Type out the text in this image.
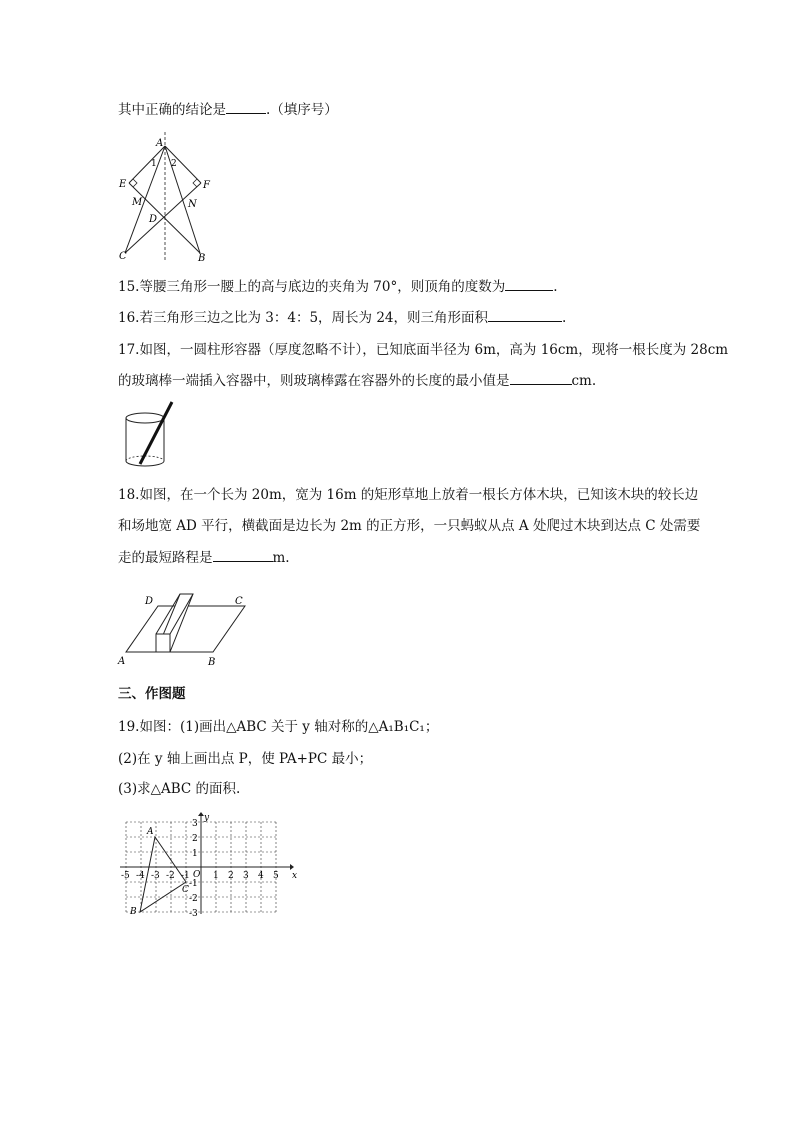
其中正确的结论是	.（填序号）
A
1 2
E	F
M	N
D
C	B
15.等腰三角形一腰上的高与底边的夹角为 70°，则顶角的度数为	.
16.若三角形三边之比为 3：4：5，周长为 24，则三角形面积	.
17.如图，一圆柱形容器（厚度忽略不计），已知底面半径为 6m，高为 16cm，现将一根长度为 28cm
的玻璃棒一端插入容器中，则玻璃棒露在容器外的长度的最小值是	cm.
18.如图，在一个长为 20m，宽为 16m 的矩形草地上放着一根长方体木块，已知该木块的较长边
和场地宽 AD 平行，横截面是边长为 2m 的正方形，一只蚂蚁从点 A 处爬过木块到达点 C 处需要
走的最短路程是	m.
D	C
A	B
三、作图题
19.如图：(1)画出△ABC 关于 y 轴对称的△A₁B₁C₁；
(2)在 y 轴上画出点 P，使 PA+PC 最小；
(3)求△ABC 的面积.
-5 -4 -3 -2 -1	1 2 3 4 5
3
2
1
-1
-2
-3
x
y
O
A
B
C
